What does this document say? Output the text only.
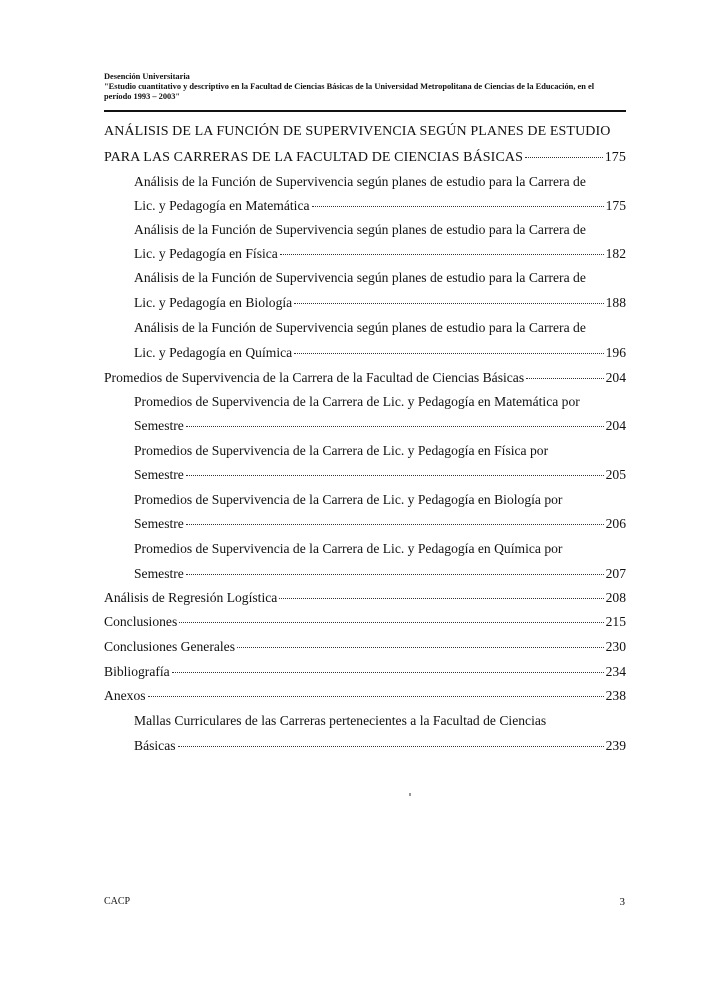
Desención Universitaria
"Estudio cuantitativo y descriptivo en la Facultad de Ciencias Básicas de la Universidad Metropolitana de Ciencias de la Educación, en el
período 1993 – 2003"
ANÁLISIS DE LA FUNCIÓN DE SUPERVIVENCIA SEGÚN PLANES DE ESTUDIO
PARA LAS CARRERAS DE LA FACULTAD DE CIENCIAS BÁSICAS	175
Análisis de la Función de Supervivencia según planes de estudio para la Carrera de
Lic. y Pedagogía en Matemática	175
Análisis de la Función de Supervivencia según planes de estudio para la Carrera de
Lic. y Pedagogía en Física	182
Análisis de la Función de Supervivencia según planes de estudio para la Carrera de
Lic. y Pedagogía en Biología	188
Análisis de la Función de Supervivencia según planes de estudio para la Carrera de
Lic. y Pedagogía en Química	196
Promedios de Supervivencia de la Carrera de la Facultad de Ciencias Básicas	204
Promedios de Supervivencia de la Carrera de Lic. y Pedagogía en Matemática por
Semestre	204
Promedios de Supervivencia de la Carrera de Lic. y Pedagogía en Física por
Semestre	205
Promedios de Supervivencia de la Carrera de Lic. y Pedagogía en Biología por
Semestre	206
Promedios de Supervivencia de la Carrera de Lic. y Pedagogía en Química por
Semestre	207
Análisis de Regresión Logística	208
Conclusiones	215
Conclusiones Generales	230
Bibliografía	234
Anexos	238
Mallas Curriculares de las Carreras pertenecientes a la Facultad de Ciencias
Básicas	239
CACP	3
